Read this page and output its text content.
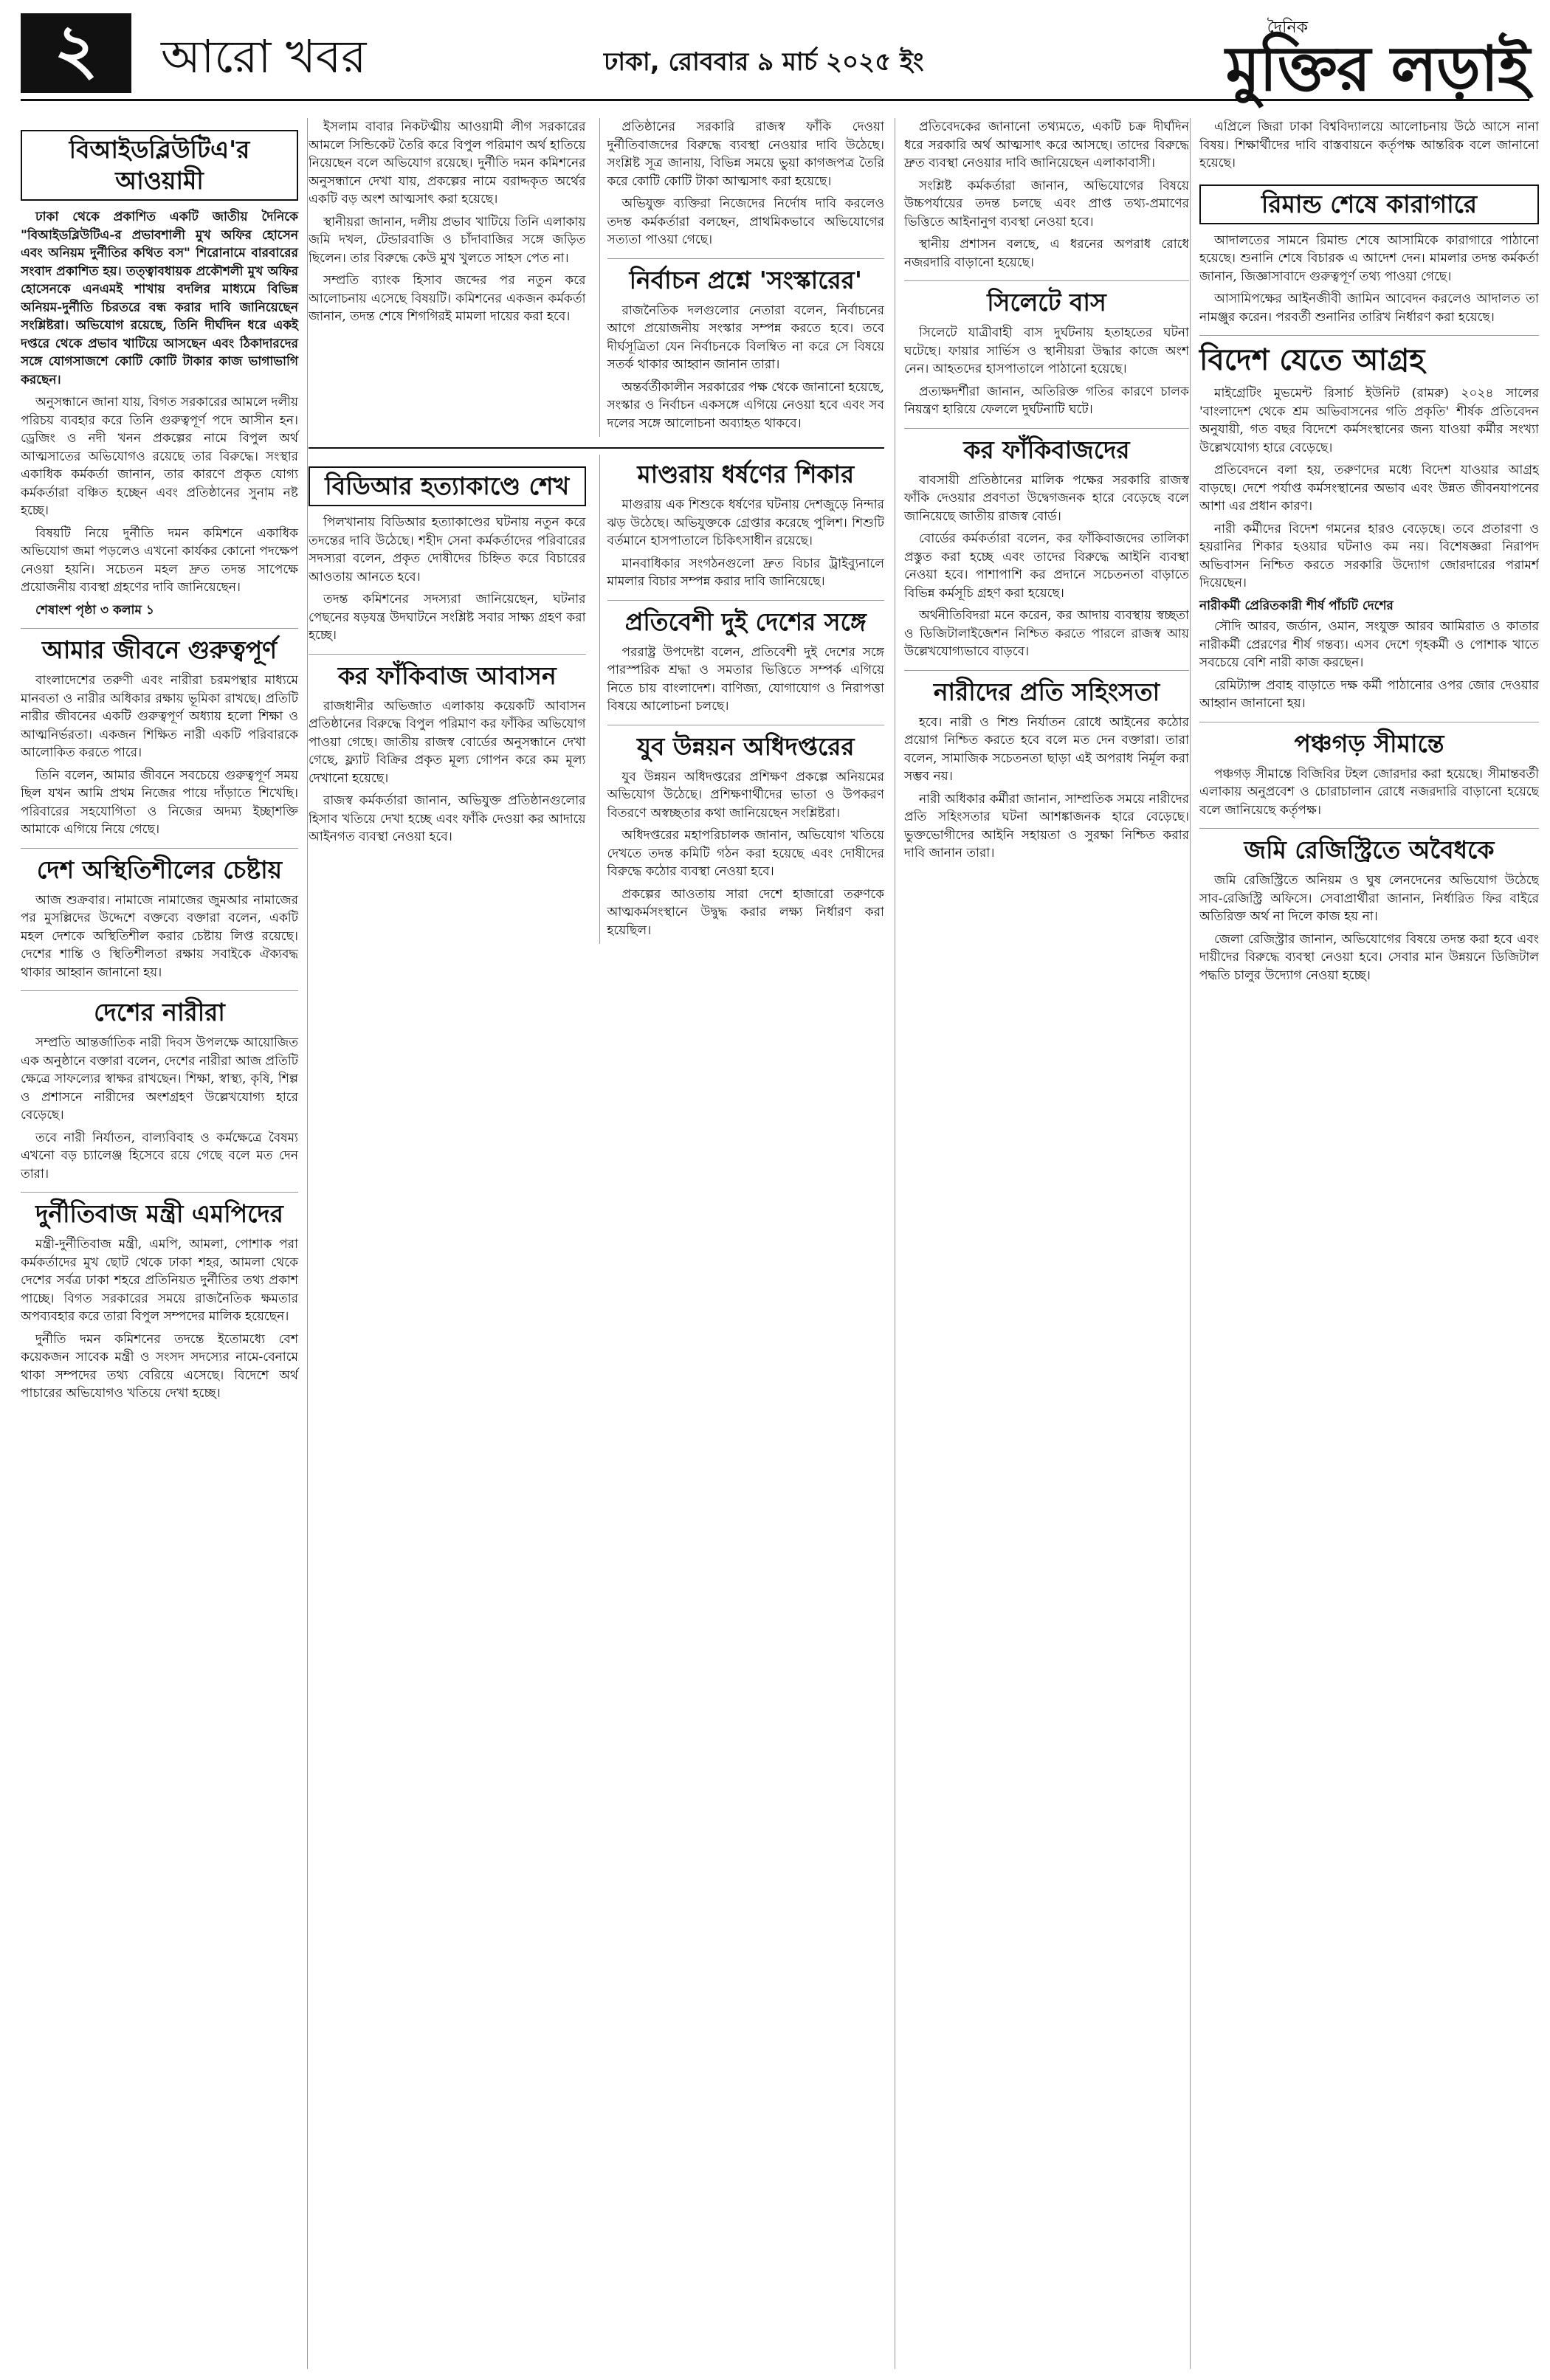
২	আরো খবর	ঢাকা, রোববার ৯ মার্চ ২০২৫ ইং
দৈনিক
মুক্তির লড়াই
বিআইডব্লিউটিএ'র আওয়ামী

ঢাকা থেকে প্রকাশিত একটি জাতীয় দৈনিকে "বিআইডব্লিউটিএ-র প্রভাবশালী মুখ অফির হোসেন এবং অনিয়ম দুর্নীতির কথিত বস" শিরোনামে বারবারের সংবাদ প্রকাশিত হয়। তত্ত্বাবধায়ক প্রকৌশলী মুখ অফির হোসেনকে এনএমই শাখায় বদলির মাধ্যমে বিভিন্ন অনিয়ম-দুর্নীতি চিরতরে বন্ধ করার দাবি জানিয়েছেন সংশ্লিষ্টরা। অভিযোগ রয়েছে, তিনি দীর্ঘদিন ধরে একই দপ্তরে থেকে প্রভাব খাটিয়ে আসছেন এবং ঠিকাদারদের সঙ্গে যোগসাজশে কোটি কোটি টাকার কাজ ভাগাভাগি করছেন।

অনুসন্ধানে জানা যায়, বিগত সরকারের আমলে দলীয় পরিচয় ব্যবহার করে তিনি গুরুত্বপূর্ণ পদে আসীন হন। ড্রেজিং ও নদী খনন প্রকল্পের নামে বিপুল অর্থ আত্মসাতের অভিযোগও রয়েছে তার বিরুদ্ধে। সংস্থার একাধিক কর্মকর্তা জানান, তার কারণে প্রকৃত যোগ্য কর্মকর্তারা বঞ্চিত হচ্ছেন এবং প্রতিষ্ঠানের সুনাম নষ্ট হচ্ছে।

বিষয়টি নিয়ে দুর্নীতি দমন কমিশনে একাধিক অভিযোগ জমা পড়লেও এখনো কার্যকর কোনো পদক্ষেপ নেওয়া হয়নি। সচেতন মহল দ্রুত তদন্ত সাপেক্ষে প্রয়োজনীয় ব্যবস্থা গ্রহণের দাবি জানিয়েছেন।

শেষাংশ পৃষ্ঠা ৩ কলাম ১

আমার জীবনে গুরুত্বপূর্ণ

বাংলাদেশের তরুণী এবং নারীরা চরমপন্থার মাধ্যমে মানবতা ও নারীর অধিকার রক্ষায় ভূমিকা রাখছে। প্রতিটি নারীর জীবনের একটি গুরুত্বপূর্ণ অধ্যায় হলো শিক্ষা ও আত্মনির্ভরতা। একজন শিক্ষিত নারী একটি পরিবারকে আলোকিত করতে পারে।

তিনি বলেন, আমার জীবনে সবচেয়ে গুরুত্বপূর্ণ সময় ছিল যখন আমি প্রথম নিজের পায়ে দাঁড়াতে শিখেছি। পরিবারের সহযোগিতা ও নিজের অদম্য ইচ্ছাশক্তি আমাকে এগিয়ে নিয়ে গেছে।

দেশ অস্থিতিশীলের চেষ্টায়

আজ শুক্রবার। নামাজে নামাজের জুমআর নামাজের পর মুসল্লিদের উদ্দেশে বক্তব্যে বক্তারা বলেন, একটি মহল দেশকে অস্থিতিশীল করার চেষ্টায় লিপ্ত রয়েছে। দেশের শান্তি ও স্থিতিশীলতা রক্ষায় সবাইকে ঐক্যবদ্ধ থাকার আহ্বান জানানো হয়।

দেশের নারীরা

সম্প্রতি আন্তর্জাতিক নারী দিবস উপলক্ষে আয়োজিত এক অনুষ্ঠানে বক্তারা বলেন, দেশের নারীরা আজ প্রতিটি ক্ষেত্রে সাফল্যের স্বাক্ষর রাখছেন। শিক্ষা, স্বাস্থ্য, কৃষি, শিল্প ও প্রশাসনে নারীদের অংশগ্রহণ উল্লেখযোগ্য হারে বেড়েছে।

তবে নারী নির্যাতন, বাল্যবিবাহ ও কর্মক্ষেত্রে বৈষম্য এখনো বড় চ্যালেঞ্জ হিসেবে রয়ে গেছে বলে মত দেন তারা।

দুর্নীতিবাজ মন্ত্রী এমপিদের

মন্ত্রী-দুর্নীতিবাজ মন্ত্রী, এমপি, আমলা, পোশাক পরা কর্মকর্তাদের মুখ ছোট থেকে ঢাকা শহর, আমলা থেকে দেশের সর্বত্র ঢাকা শহরে প্রতিনিয়ত দুর্নীতির তথ্য প্রকাশ পাচ্ছে। বিগত সরকারের সময়ে রাজনৈতিক ক্ষমতার অপব্যবহার করে তারা বিপুল সম্পদের মালিক হয়েছেন।

দুর্নীতি দমন কমিশনের তদন্তে ইতোমধ্যে বেশ কয়েকজন সাবেক মন্ত্রী ও সংসদ সদস্যের নামে-বেনামে থাকা সম্পদের তথ্য বেরিয়ে এসেছে। বিদেশে অর্থ পাচারের অভিযোগও খতিয়ে দেখা হচ্ছে।

ইসলাম বাবার নিকটত্মীয় আওয়ামী লীগ সরকারের আমলে সিন্ডিকেট তৈরি করে বিপুল পরিমাণ অর্থ হাতিয়ে নিয়েছেন বলে অভিযোগ রয়েছে। দুর্নীতি দমন কমিশনের অনুসন্ধানে দেখা যায়, প্রকল্পের নামে বরাদ্দকৃত অর্থের একটি বড় অংশ আত্মসাৎ করা হয়েছে।

স্থানীয়রা জানান, দলীয় প্রভাব খাটিয়ে তিনি এলাকায় জমি দখল, টেন্ডারবাজি ও চাঁদাবাজির সঙ্গে জড়িত ছিলেন। তার বিরুদ্ধে কেউ মুখ খুলতে সাহস পেত না।

সম্প্রতি ব্যাংক হিসাব জব্দের পর নতুন করে আলোচনায় এসেছে বিষয়টি। কমিশনের একজন কর্মকর্তা জানান, তদন্ত শেষে শিগগিরই মামলা দায়ের করা হবে।

প্রতিষ্ঠানের সরকারি রাজস্ব ফাঁকি দেওয়া দুর্নীতিবাজদের বিরুদ্ধে ব্যবস্থা নেওয়ার দাবি উঠেছে। সংশ্লিষ্ট সূত্র জানায়, বিভিন্ন সময়ে ভুয়া কাগজপত্র তৈরি করে কোটি কোটি টাকা আত্মসাৎ করা হয়েছে।

অভিযুক্ত ব্যক্তিরা নিজেদের নির্দোষ দাবি করলেও তদন্ত কর্মকর্তারা বলছেন, প্রাথমিকভাবে অভিযোগের সত্যতা পাওয়া গেছে।

নির্বাচন প্রশ্নে 'সংস্কারের'

রাজনৈতিক দলগুলোর নেতারা বলেন, নির্বাচনের আগে প্রয়োজনীয় সংস্কার সম্পন্ন করতে হবে। তবে দীর্ঘসূত্রিতা যেন নির্বাচনকে বিলম্বিত না করে সে বিষয়ে সতর্ক থাকার আহ্বান জানান তারা।

অন্তর্বর্তীকালীন সরকারের পক্ষ থেকে জানানো হয়েছে, সংস্কার ও নির্বাচন একসঙ্গে এগিয়ে নেওয়া হবে এবং সব দলের সঙ্গে আলোচনা অব্যাহত থাকবে।

বিডিআর হত্যাকাণ্ডে শেখ

পিলখানায় বিডিআর হত্যাকাণ্ডের ঘটনায় নতুন করে তদন্তের দাবি উঠেছে। শহীদ সেনা কর্মকর্তাদের পরিবারের সদস্যরা বলেন, প্রকৃত দোষীদের চিহ্নিত করে বিচারের আওতায় আনতে হবে।

তদন্ত কমিশনের সদস্যরা জানিয়েছেন, ঘটনার পেছনের ষড়যন্ত্র উদঘাটনে সংশ্লিষ্ট সবার সাক্ষ্য গ্রহণ করা হচ্ছে।

কর ফাঁকিবাজ আবাসন

রাজধানীর অভিজাত এলাকায় কয়েকটি আবাসন প্রতিষ্ঠানের বিরুদ্ধে বিপুল পরিমাণ কর ফাঁকির অভিযোগ পাওয়া গেছে। জাতীয় রাজস্ব বোর্ডের অনুসন্ধানে দেখা গেছে, ফ্ল্যাট বিক্রির প্রকৃত মূল্য গোপন করে কম মূল্য দেখানো হয়েছে।

রাজস্ব কর্মকর্তারা জানান, অভিযুক্ত প্রতিষ্ঠানগুলোর হিসাব খতিয়ে দেখা হচ্ছে এবং ফাঁকি দেওয়া কর আদায়ে আইনগত ব্যবস্থা নেওয়া হবে।

মাণ্ডরায় ধর্ষণের শিকার

মাগুরায় এক শিশুকে ধর্ষণের ঘটনায় দেশজুড়ে নিন্দার ঝড় উঠেছে। অভিযুক্তকে গ্রেপ্তার করেছে পুলিশ। শিশুটি বর্তমানে হাসপাতালে চিকিৎসাধীন রয়েছে।

মানবাধিকার সংগঠনগুলো দ্রুত বিচার ট্রাইব্যুনালে মামলার বিচার সম্পন্ন করার দাবি জানিয়েছে।

প্রতিবেশী দুই দেশের সঙ্গে

পররাষ্ট্র উপদেষ্টা বলেন, প্রতিবেশী দুই দেশের সঙ্গে পারস্পরিক শ্রদ্ধা ও সমতার ভিত্তিতে সম্পর্ক এগিয়ে নিতে চায় বাংলাদেশ। বাণিজ্য, যোগাযোগ ও নিরাপত্তা বিষয়ে আলোচনা চলছে।

যুব উন্নয়ন অধিদপ্তরের

যুব উন্নয়ন অধিদপ্তরের প্রশিক্ষণ প্রকল্পে অনিয়মের অভিযোগ উঠেছে। প্রশিক্ষণার্থীদের ভাতা ও উপকরণ বিতরণে অস্বচ্ছতার কথা জানিয়েছেন সংশ্লিষ্টরা।

অধিদপ্তরের মহাপরিচালক জানান, অভিযোগ খতিয়ে দেখতে তদন্ত কমিটি গঠন করা হয়েছে এবং দোষীদের বিরুদ্ধে কঠোর ব্যবস্থা নেওয়া হবে।

প্রকল্পের আওতায় সারা দেশে হাজারো তরুণকে আত্মকর্মসংস্থানে উদ্বুদ্ধ করার লক্ষ্য নির্ধারণ করা হয়েছিল।

প্রতিবেদকের জানানো তথ্যমতে, একটি চক্র দীর্ঘদিন ধরে সরকারি অর্থ আত্মসাৎ করে আসছে। তাদের বিরুদ্ধে দ্রুত ব্যবস্থা নেওয়ার দাবি জানিয়েছেন এলাকাবাসী।

সংশ্লিষ্ট কর্মকর্তারা জানান, অভিযোগের বিষয়ে উচ্চপর্যায়ের তদন্ত চলছে এবং প্রাপ্ত তথ্য-প্রমাণের ভিত্তিতে আইনানুগ ব্যবস্থা নেওয়া হবে।

স্থানীয় প্রশাসন বলছে, এ ধরনের অপরাধ রোধে নজরদারি বাড়ানো হয়েছে।

সিলেটে বাস

সিলেটে যাত্রীবাহী বাস দুর্ঘটনায় হতাহতের ঘটনা ঘটেছে। ফায়ার সার্ভিস ও স্থানীয়রা উদ্ধার কাজে অংশ নেন। আহতদের হাসপাতালে পাঠানো হয়েছে।

প্রত্যক্ষদর্শীরা জানান, অতিরিক্ত গতির কারণে চালক নিয়ন্ত্রণ হারিয়ে ফেললে দুর্ঘটনাটি ঘটে।

কর ফাঁকিবাজদের

বাবসায়ী প্রতিষ্ঠানের মালিক পক্ষের সরকারি রাজস্ব ফাঁকি দেওয়ার প্রবণতা উদ্বেগজনক হারে বেড়েছে বলে জানিয়েছে জাতীয় রাজস্ব বোর্ড।

বোর্ডের কর্মকর্তারা বলেন, কর ফাঁকিবাজদের তালিকা প্রস্তুত করা হচ্ছে এবং তাদের বিরুদ্ধে আইনি ব্যবস্থা নেওয়া হবে। পাশাপাশি কর প্রদানে সচেতনতা বাড়াতে বিভিন্ন কর্মসূচি গ্রহণ করা হয়েছে।

অর্থনীতিবিদরা মনে করেন, কর আদায় ব্যবস্থায় স্বচ্ছতা ও ডিজিটালাইজেশন নিশ্চিত করতে পারলে রাজস্ব আয় উল্লেখযোগ্যভাবে বাড়বে।

নারীদের প্রতি সহিংসতা

হবে। নারী ও শিশু নির্যাতন রোধে আইনের কঠোর প্রয়োগ নিশ্চিত করতে হবে বলে মত দেন বক্তারা। তারা বলেন, সামাজিক সচেতনতা ছাড়া এই অপরাধ নির্মূল করা সম্ভব নয়।

নারী অধিকার কর্মীরা জানান, সাম্প্রতিক সময়ে নারীদের প্রতি সহিংসতার ঘটনা আশঙ্কাজনক হারে বেড়েছে। ভুক্তভোগীদের আইনি সহায়তা ও সুরক্ষা নিশ্চিত করার দাবি জানান তারা।

এপ্রিলে জিরা ঢাকা বিশ্ববিদ্যালয়ে আলোচনায় উঠে আসে নানা বিষয়। শিক্ষার্থীদের দাবি বাস্তবায়নে কর্তৃপক্ষ আন্তরিক বলে জানানো হয়েছে।

রিমান্ড শেষে কারাগারে

আদালতের সামনে রিমান্ড শেষে আসামিকে কারাগারে পাঠানো হয়েছে। শুনানি শেষে বিচারক এ আদেশ দেন। মামলার তদন্ত কর্মকর্তা জানান, জিজ্ঞাসাবাদে গুরুত্বপূর্ণ তথ্য পাওয়া গেছে।

আসামিপক্ষের আইনজীবী জামিন আবেদন করলেও আদালত তা নামঞ্জুর করেন। পরবর্তী শুনানির তারিখ নির্ধারণ করা হয়েছে।

বিদেশ যেতে আগ্রহ

মাইগ্রেটিং মুভমেন্ট রিসার্চ ইউনিট (রামরু) ২০২৪ সালের 'বাংলাদেশ থেকে শ্রম অভিবাসনের গতি প্রকৃতি' শীর্ষক প্রতিবেদন অনুযায়ী, গত বছর বিদেশে কর্মসংস্থানের জন্য যাওয়া কর্মীর সংখ্যা উল্লেখযোগ্য হারে বেড়েছে।

প্রতিবেদনে বলা হয়, তরুণদের মধ্যে বিদেশ যাওয়ার আগ্রহ বাড়ছে। দেশে পর্যাপ্ত কর্মসংস্থানের অভাব এবং উন্নত জীবনযাপনের আশা এর প্রধান কারণ।

নারী কর্মীদের বিদেশ গমনের হারও বেড়েছে। তবে প্রতারণা ও হয়রানির শিকার হওয়ার ঘটনাও কম নয়। বিশেষজ্ঞরা নিরাপদ অভিবাসন নিশ্চিত করতে সরকারি উদ্যোগ জোরদারের পরামর্শ দিয়েছেন।

নারীকর্মী প্রেরিতকারী শীর্ষ পাঁচটি দেশের

সৌদি আরব, জর্ডান, ওমান, সংযুক্ত আরব আমিরাত ও কাতার নারীকর্মী প্রেরণের শীর্ষ গন্তব্য। এসব দেশে গৃহকর্মী ও পোশাক খাতে সবচেয়ে বেশি নারী কাজ করছেন।

রেমিট্যান্স প্রবাহ বাড়াতে দক্ষ কর্মী পাঠানোর ওপর জোর দেওয়ার আহ্বান জানানো হয়।

পঞ্চগড় সীমান্তে

পঞ্চগড় সীমান্তে বিজিবির টহল জোরদার করা হয়েছে। সীমান্তবর্তী এলাকায় অনুপ্রবেশ ও চোরাচালান রোধে নজরদারি বাড়ানো হয়েছে বলে জানিয়েছে কর্তৃপক্ষ।

জমি রেজিস্ট্রিতে অবৈধকে

জমি রেজিস্ট্রিতে অনিয়ম ও ঘুষ লেনদেনের অভিযোগ উঠেছে সাব-রেজিস্ট্রি অফিসে। সেবাপ্রার্থীরা জানান, নির্ধারিত ফির বাইরে অতিরিক্ত অর্থ না দিলে কাজ হয় না।

জেলা রেজিস্ট্রার জানান, অভিযোগের বিষয়ে তদন্ত করা হবে এবং দায়ীদের বিরুদ্ধে ব্যবস্থা নেওয়া হবে। সেবার মান উন্নয়নে ডিজিটাল পদ্ধতি চালুর উদ্যোগ নেওয়া হচ্ছে।
